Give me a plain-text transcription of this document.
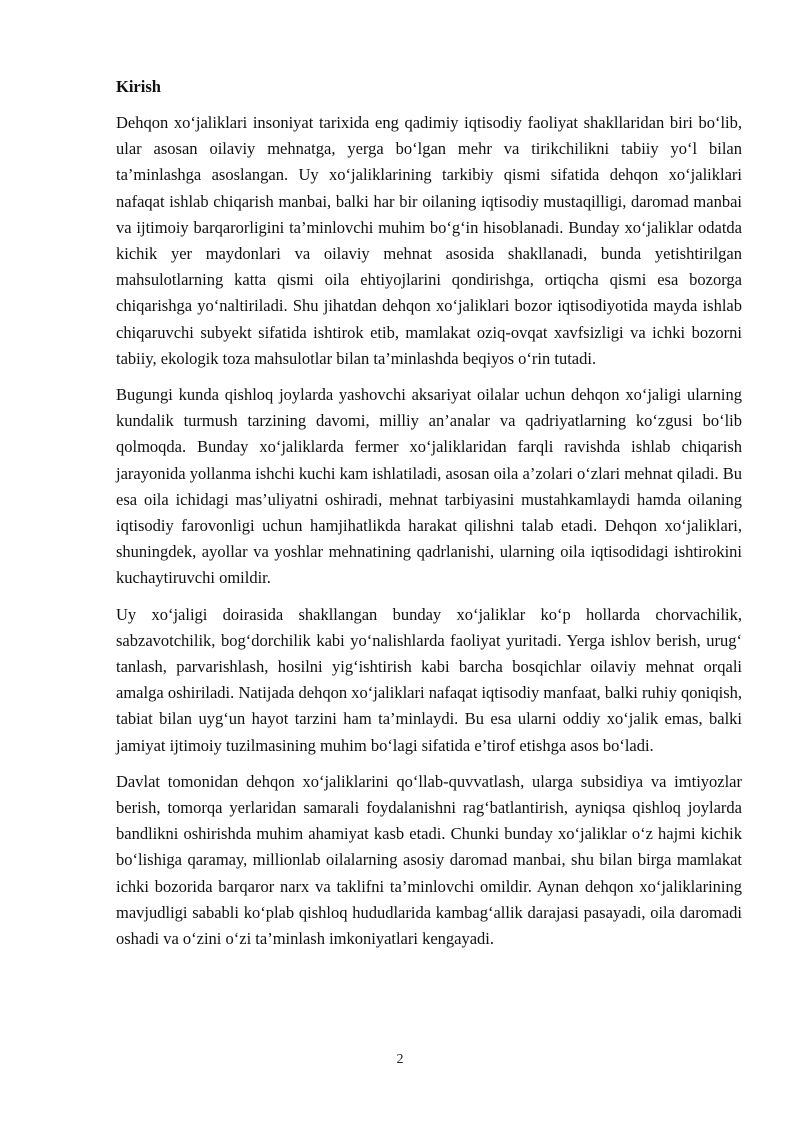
Kirish

Dehqon xo‘jaliklari insoniyat tarixida eng qadimiy iqtisodiy faoliyat shakllaridan biri bo‘lib, ular asosan oilaviy mehnatga, yerga bo‘lgan mehr va tirikchilikni tabiiy yo‘l bilan ta’minlashga asoslangan. Uy xo‘jaliklarining tarkibiy qismi sifatida dehqon xo‘jaliklari nafaqat ishlab chiqarish manbai, balki har bir oilaning iqtisodiy mustaqilligi, daromad manbai va ijtimoiy barqarorligini ta’minlovchi muhim bo‘g‘in hisoblanadi. Bunday xo‘jaliklar odatda kichik yer maydonlari va oilaviy mehnat asosida shakllanadi, bunda yetishtirilgan mahsulotlarning katta qismi oila ehtiyojlarini qondirishga, ortiqcha qismi esa bozorga chiqarishga yo‘naltiriladi. Shu jihatdan dehqon xo‘jaliklari bozor iqtisodiyotida mayda ishlab chiqaruvchi subyekt sifatida ishtirok etib, mamlakat oziq-ovqat xavfsizligi va ichki bozorni tabiiy, ekologik toza mahsulotlar bilan ta’minlashda beqiyos o‘rin tutadi.

Bugungi kunda qishloq joylarda yashovchi aksariyat oilalar uchun dehqon xo‘jaligi ularning kundalik turmush tarzining davomi, milliy an’analar va qadriyatlarning ko‘zgusi bo‘lib qolmoqda. Bunday xo‘jaliklarda fermer xo‘jaliklaridan farqli ravishda ishlab chiqarish jarayonida yollanma ishchi kuchi kam ishlatiladi, asosan oila a’zolari o‘zlari mehnat qiladi. Bu esa oila ichidagi mas’uliyatni oshiradi, mehnat tarbiyasini mustahkamlaydi hamda oilaning iqtisodiy farovonligi uchun hamjihatlikda harakat qilishni talab etadi. Dehqon xo‘jaliklari, shuningdek, ayollar va yoshlar mehnatining qadrlanishi, ularning oila iqtisodidagi ishtirokini kuchaytiruvchi omildir.

Uy xo‘jaligi doirasida shakllangan bunday xo‘jaliklar ko‘p hollarda chorvachilik, sabzavotchilik, bog‘dorchilik kabi yo‘nalishlarda faoliyat yuritadi. Yerga ishlov berish, urug‘ tanlash, parvarishlash, hosilni yig‘ishtirish kabi barcha bosqichlar oilaviy mehnat orqali amalga oshiriladi. Natijada dehqon xo‘jaliklari nafaqat iqtisodiy manfaat, balki ruhiy qoniqish, tabiat bilan uyg‘un hayot tarzini ham ta’minlaydi. Bu esa ularni oddiy xo‘jalik emas, balki jamiyat ijtimoiy tuzilmasining muhim bo‘lagi sifatida e’tirof etishga asos bo‘ladi.

Davlat tomonidan dehqon xo‘jaliklarini qo‘llab-quvvatlash, ularga subsidiya va imtiyozlar berish, tomorqa yerlaridan samarali foydalanishni rag‘batlantirish, ayniqsa qishloq joylarda bandlikni oshirishda muhim ahamiyat kasb etadi. Chunki bunday xo‘jaliklar o‘z hajmi kichik bo‘lishiga qaramay, millionlab oilalarning asosiy daromad manbai, shu bilan birga mamlakat ichki bozorida barqaror narx va taklifni ta’minlovchi omildir. Aynan dehqon xo‘jaliklarining mavjudligi sababli ko‘plab qishloq hududlarida kambag‘allik darajasi pasayadi, oila daromadi oshadi va o‘zini o‘zi ta’minlash imkoniyatlari kengayadi.

2
